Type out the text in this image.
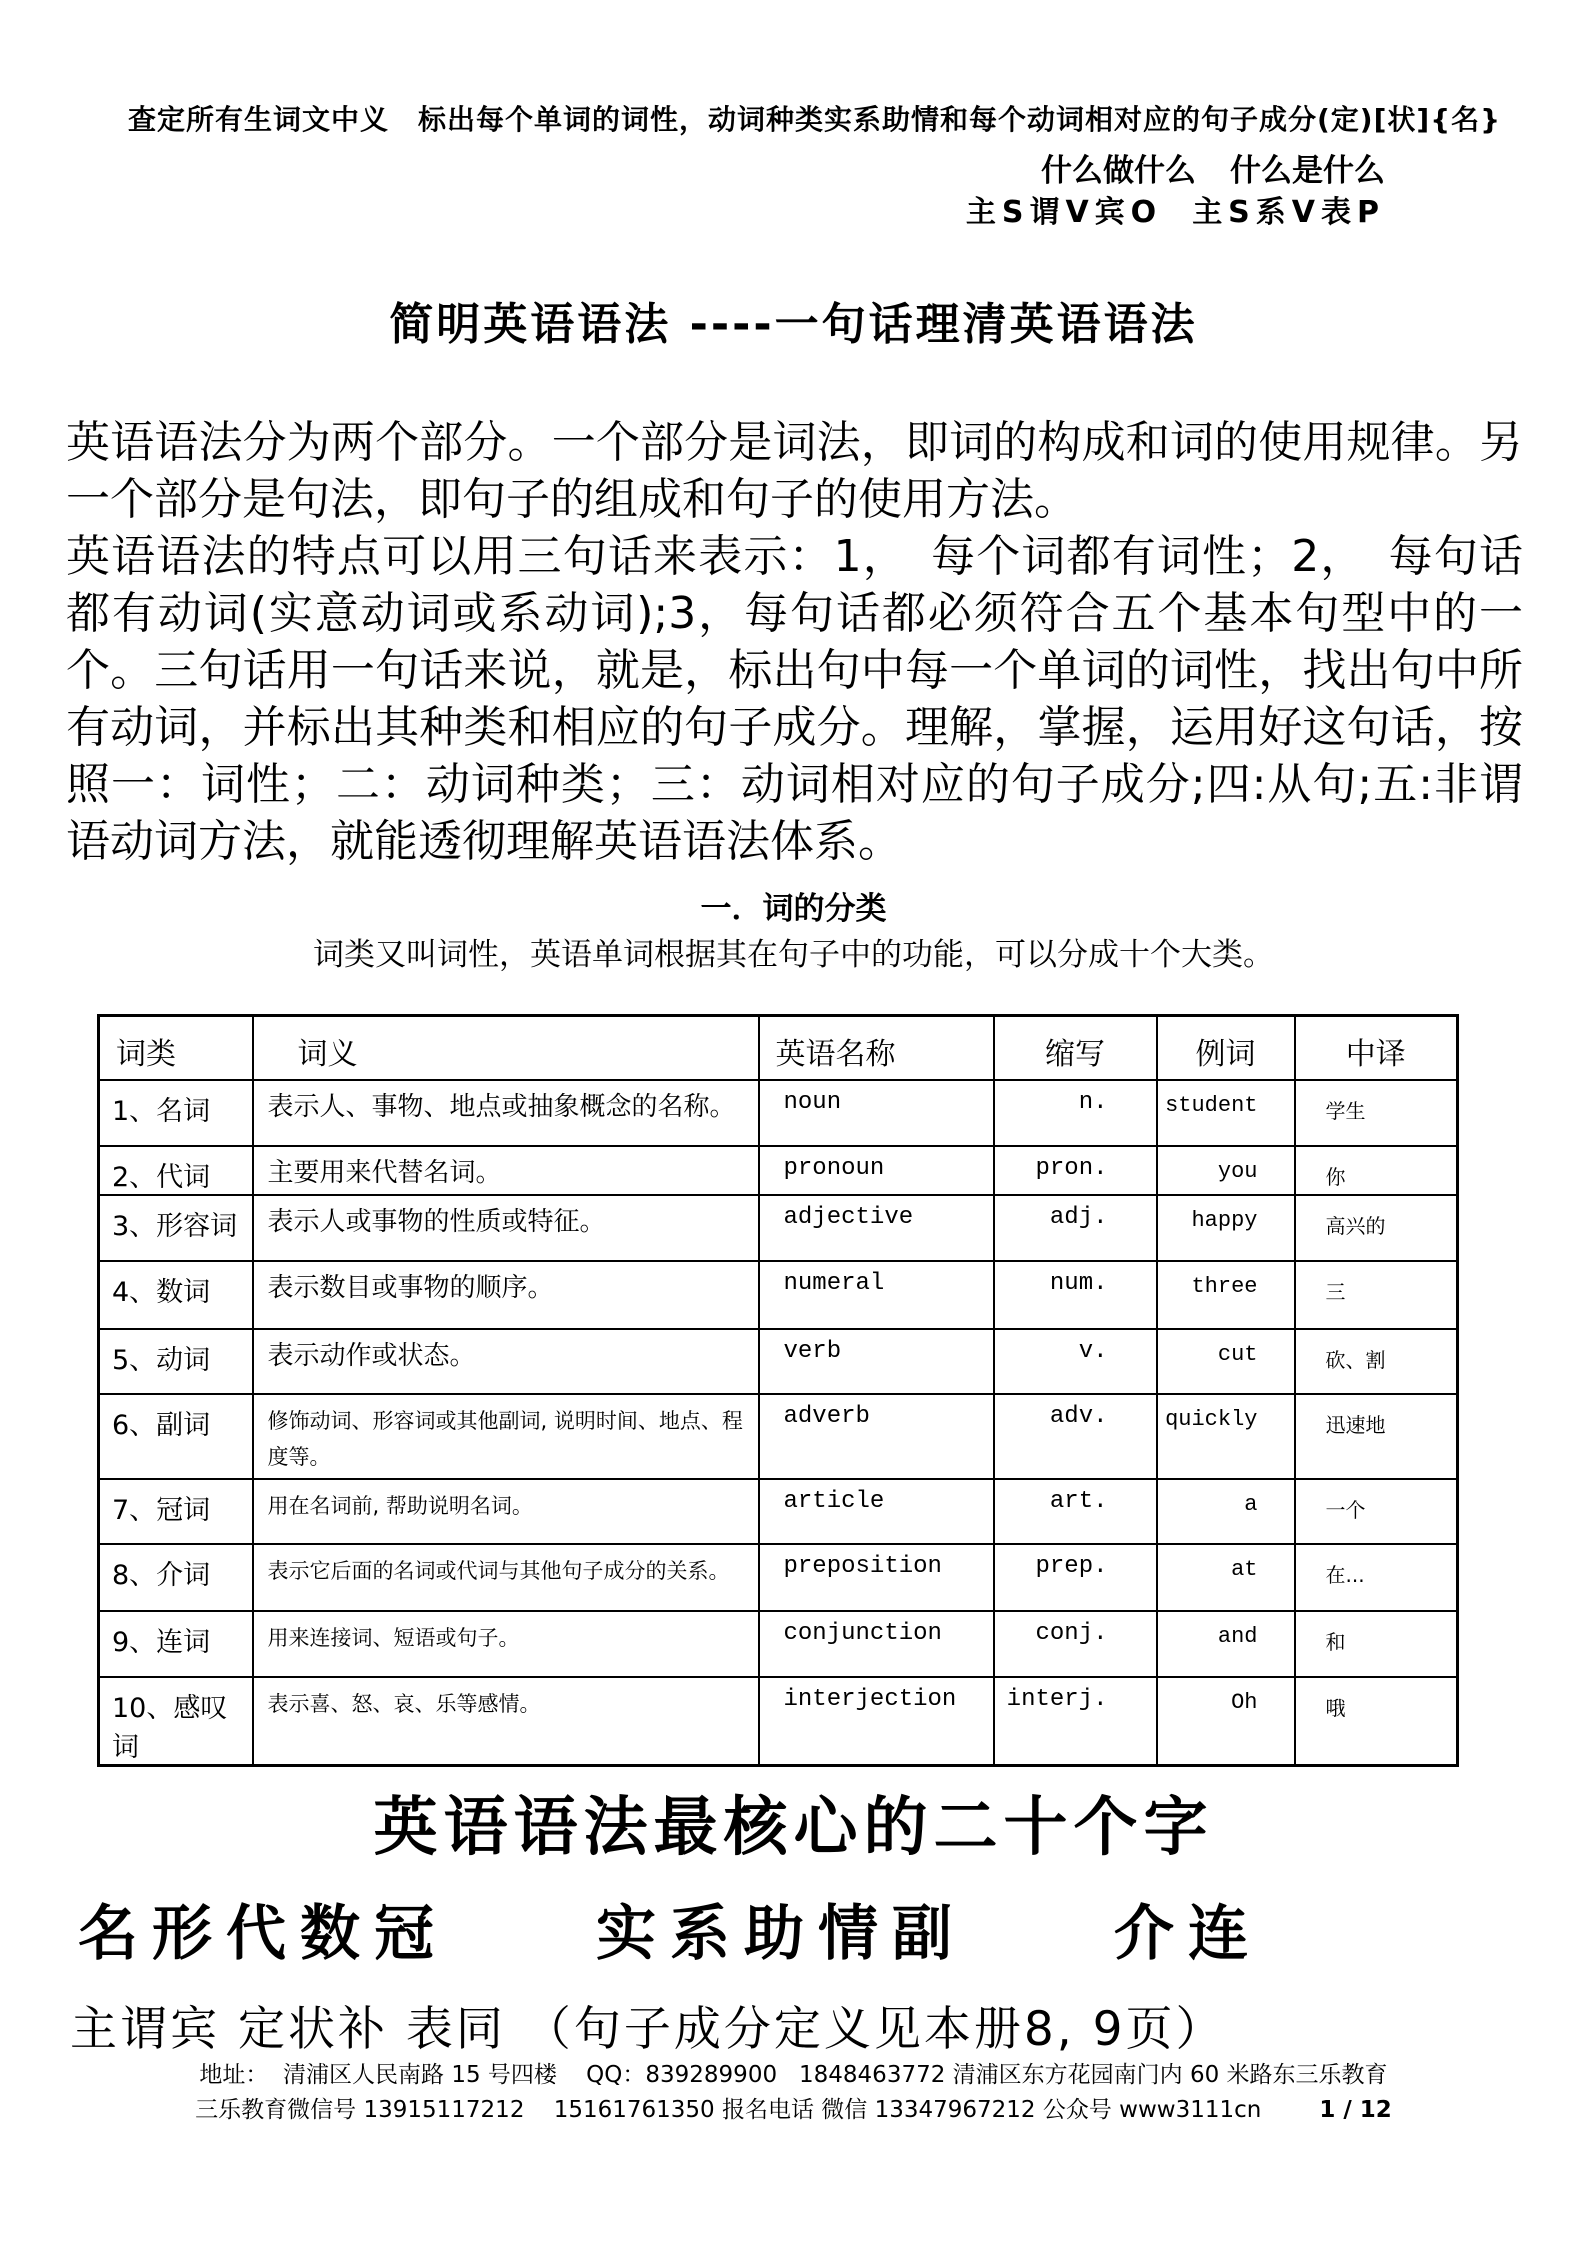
查定所有生词文中义　标出每个单词的词性，动词种类实系助情和每个动词相对应的句子成分(定)[状]{名}
什么做什么 什么是什么
主S谓V宾O 主S系V表P
简明英语语法 ----一句话理清英语语法

英语语法分为两个部分。一个部分是词法，即词的构成和词的使用规律。另一个部分是句法，即句子的组成和句子的使用方法。

英语语法的特点可以用三句话来表示：1，　每个词都有词性；2，　每句话都有动词(实意动词或系动词);3，每句话都必须符合五个基本句型中的一个。三句话用一句话来说，就是，标出句中每一个单词的词性，找出句中所有动词，并标出其种类和相应的句子成分。理解，掌握，运用好这句话，按照一：词性；二：动词种类；三：动词相对应的句子成分;四:从句;五:非谓语动词方法，就能透彻理解英语语法体系。

一．词的分类
词类又叫词性，英语单词根据其在句子中的功能，可以分成十个大类。
词类	词义	英语名称	缩写	例词	中译
1、名词	表示人、事物、地点或抽象概念的名称。	noun	n.	student	学生
2、代词	主要用来代替名词。	pronoun	pron.	you	你
3、形容词	表示人或事物的性质或特征。	adjective	adj.	happy	高兴的
4、数词	表示数目或事物的顺序。	numeral	num.	three	三
5、动词	表示动作或状态。	verb	v.	cut	砍、割
6、副词	修饰动词、形容词或其他副词, 说明时间、地点、程度等。	adverb	adv.	quickly	迅速地
7、冠词	用在名词前, 帮助说明名词。	article	art.	a	一个
8、介词	表示它后面的名词或代词与其他句子成分的关系。	preposition	prep.	at	在...
9、连词	用来连接词、短语或句子。	conjunction	conj.	and	和
10、感叹词	表示喜、怒、哀、乐等感情。	interjection	interj.	Oh	哦
英语语法最核心的二十个字
名形代数冠　　实系助情副　　介连
主谓宾 定状补 表同 （句子成分定义见本册8, 9页）
地址：  清浦区人民南路 15 号四楼    QQ：839289900   1848463772 清浦区东方花园南门内 60 米路东三乐教育
三乐教育微信号 13915117212    15161761350 报名电话 微信 13347967212 公众号 www3111cn	1 / 12
